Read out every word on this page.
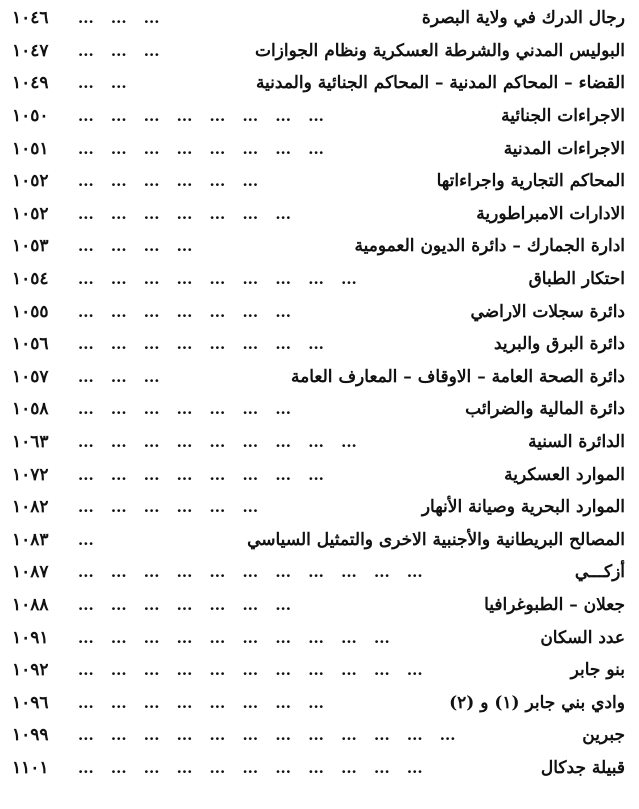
رجال الدرك في ولاية البصرة
... ... ...
١٠٤٦
البوليس المدني والشرطة العسكرية ونظام الجوازات
... ... ...
١٠٤٧
القضاء – المحاكم المدنية – المحاكم الجنائية والمدنية
... ...
١٠٤٩
الاجراءات الجنائية
... ... ... ... ... ... ... ...
١٠٥٠
الاجراءات المدنية
... ... ... ... ... ... ... ...
١٠٥١
المحاكم التجارية واجراءاتها
... ... ... ... ... ...
١٠٥٢
الادارات الامبراطورية
... ... ... ... ... ... ...
١٠٥٢
ادارة الجمارك – دائرة الديون العمومية
... ... ... ...
١٠٥٣
احتكار الطباق
... ... ... ... ... ... ... ... ...
١٠٥٤
دائرة سجلات الاراضي
... ... ... ... ... ... ...
١٠٥٥
دائرة البرق والبريد
... ... ... ... ... ... ... ...
١٠٥٦
دائرة الصحة العامة – الاوقاف – المعارف العامة
... ... ...
١٠٥٧
دائرة المالية والضرائب
... ... ... ... ... ... ...
١٠٥٨
الدائرة السنية
... ... ... ... ... ... ... ... ...
١٠٦٣
الموارد العسكرية
... ... ... ... ... ... ... ...
١٠٧٢
الموارد البحرية وصيانة الأنهار
... ... ... ... ... ...
١٠٨٢
المصالح البريطانية والأجنبية الاخرى والتمثيل السياسي
...
١٠٨٣
أزكـــي
... ... ... ... ... ... ... ... ... ... ...
١٠٨٧
جعلان – الطبوغرافيا
... ... ... ... ... ... ...
١٠٨٨
عدد السكان
... ... ... ... ... ... ... ... ... ...
١٠٩١
بنو جابر
... ... ... ... ... ... ... ... ... ... ...
١٠٩٢
وادي بني جابر (١) و (٢)
... ... ... ... ... ... ... ...
١٠٩٦
جبرين
... ... ... ... ... ... ... ... ... ... ... ...
١٠٩٩
قبيلة جدكال
... ... ... ... ... ... ... ... ... ... ...
١١٠١
